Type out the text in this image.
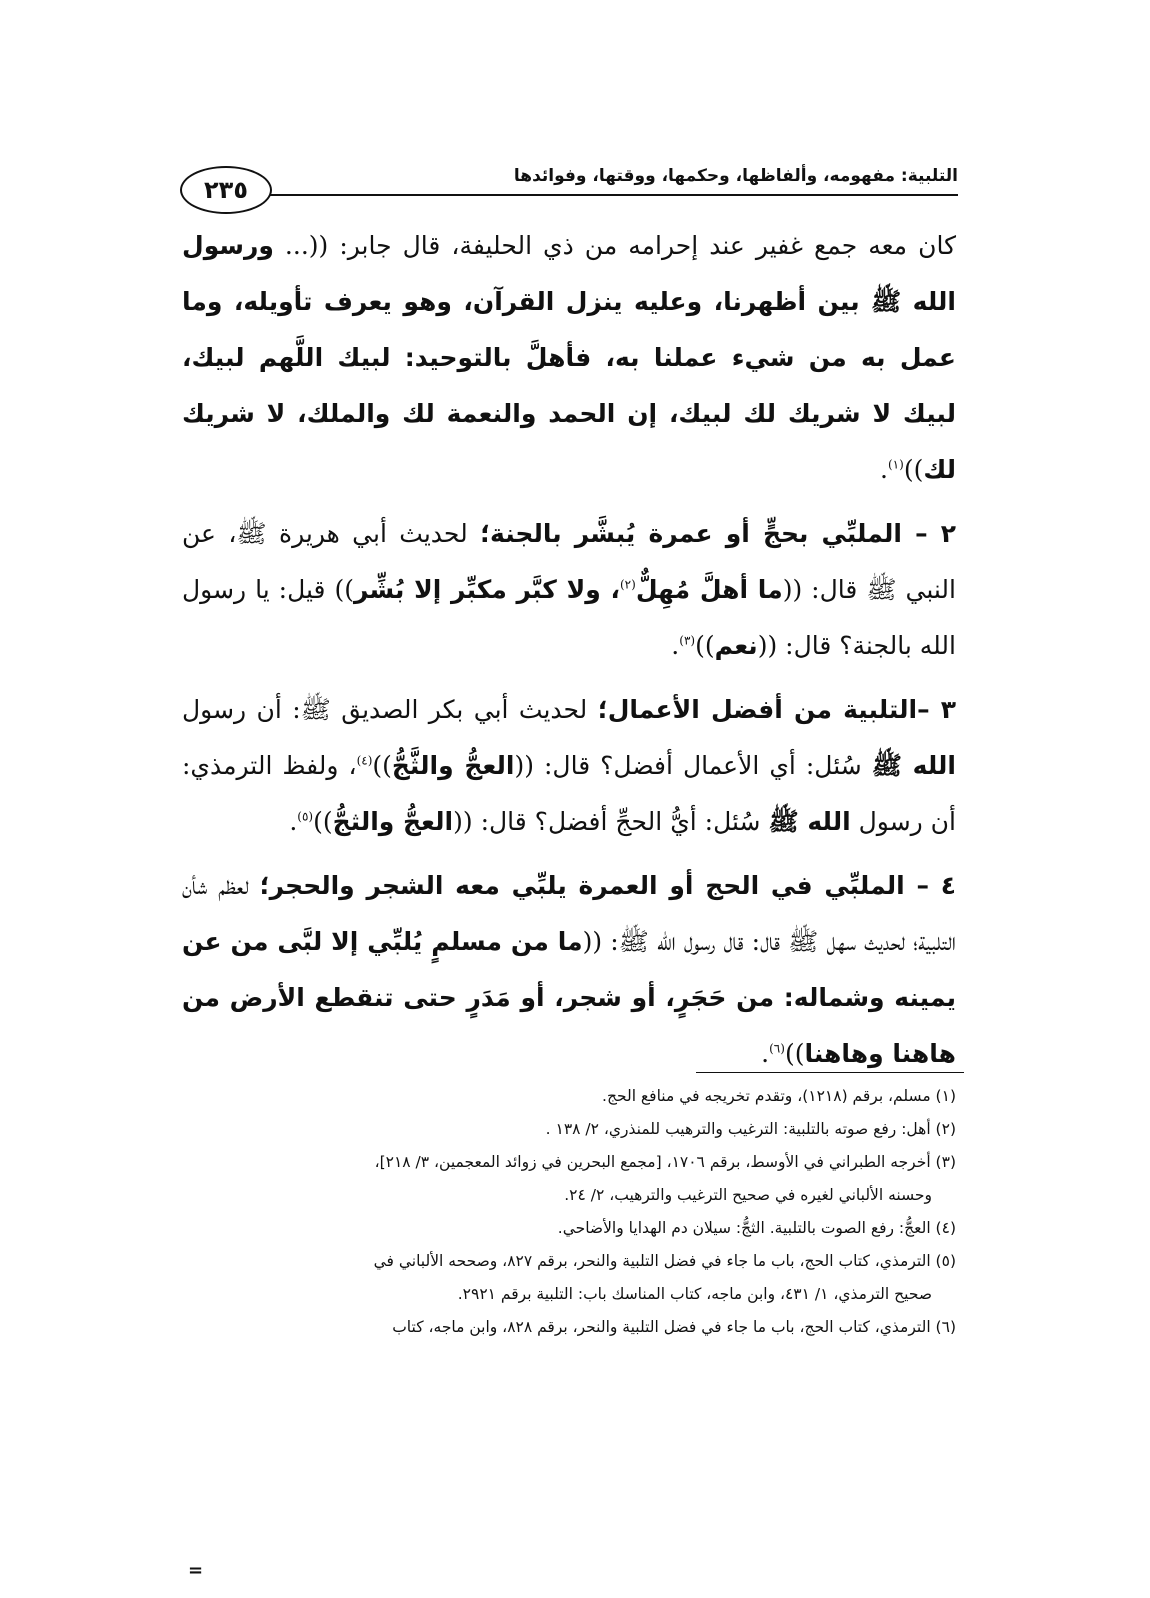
التلبية: مفهومه، وألفاظها، وحكمها، ووقتها، وفوائدها
٢٣٥

كان معه جمع غفير عند إحرامه من ذي الحليفة، قال جابر: ((... ورسول الله ﷺ بين أظهرنا، وعليه ينزل القرآن، وهو يعرف تأويله، وما عمل به من شيء عملنا به، فأهلَّ بالتوحيد: لبيك اللَّهم لبيك، لبيك لا شريك لك لبيك، إن الحمد والنعمة لك والملك، لا شريك لك))$^{(١)}$.

٢ – الملبِّي بحجٍّ أو عمرة يُبشَّر بالجنة؛ لحديث أبي هريرة ﷺ، عن النبي ﷺ قال: ((ما أهلَّ مُهِلٌّ$^{(٢)}$، ولا كبَّر مكبِّر إلا بُشِّر)) قيل: يا رسول الله بالجنة؟ قال: ((نعم))$^{(٣)}$.

٣ –التلبية من أفضل الأعمال؛ لحديث أبي بكر الصديق ﷺ: أن رسول الله ﷺ سُئل: أي الأعمال أفضل؟ قال: ((العجُّ والثَّجُّ))$^{(٤)}$، ولفظ الترمذي: أن رسول الله ﷺ سُئل: أيُّ الحجِّ أفضل؟ قال: ((العجُّ والثجُّ))$^{(٥)}$.

٤ – الملبِّي في الحج أو العمرة يلبِّي معه الشجر والحجر؛ لعظم شأن التلبية؛ لحديث سهل ﷺ قال: قال رسول الله ﷺ: ((ما من مسلمٍ يُلبِّي إلا لبَّى من عن يمينه وشماله: من حَجَرٍ، أو شجر، أو مَدَرٍ حتى تنقطع الأرض من هاهنا وهاهنا))$^{(٦)}$.

(١) مسلم، برقم (١٢١٨)، وتقدم تخريجه في منافع الحج.

(٢) أهل: رفع صوته بالتلبية: الترغيب والترهيب للمنذري، ٢/ ١٣٨ .

(٣) أخرجه الطبراني في الأوسط، برقم ١٧٠٦، [مجمع البحرين في زوائد المعجمين، ٣/ ٢١٨]،

وحسنه الألباني لغيره في صحيح الترغيب والترهيب، ٢/ ٢٤.

(٤) العجُّ: رفع الصوت بالتلبية. الثجُّ: سيلان دم الهدايا والأضاحي.

(٥) الترمذي، كتاب الحج، باب ما جاء في فضل التلبية والنحر، برقم ٨٢٧، وصححه الألباني في

صحيح الترمذي، ١/ ٤٣١، وابن ماجه، كتاب المناسك باب: التلبية برقم ٢٩٢١.

(٦) الترمذي، كتاب الحج، باب ما جاء في فضل التلبية والنحر، برقم ٨٢٨، وابن ماجه، كتاب

=
